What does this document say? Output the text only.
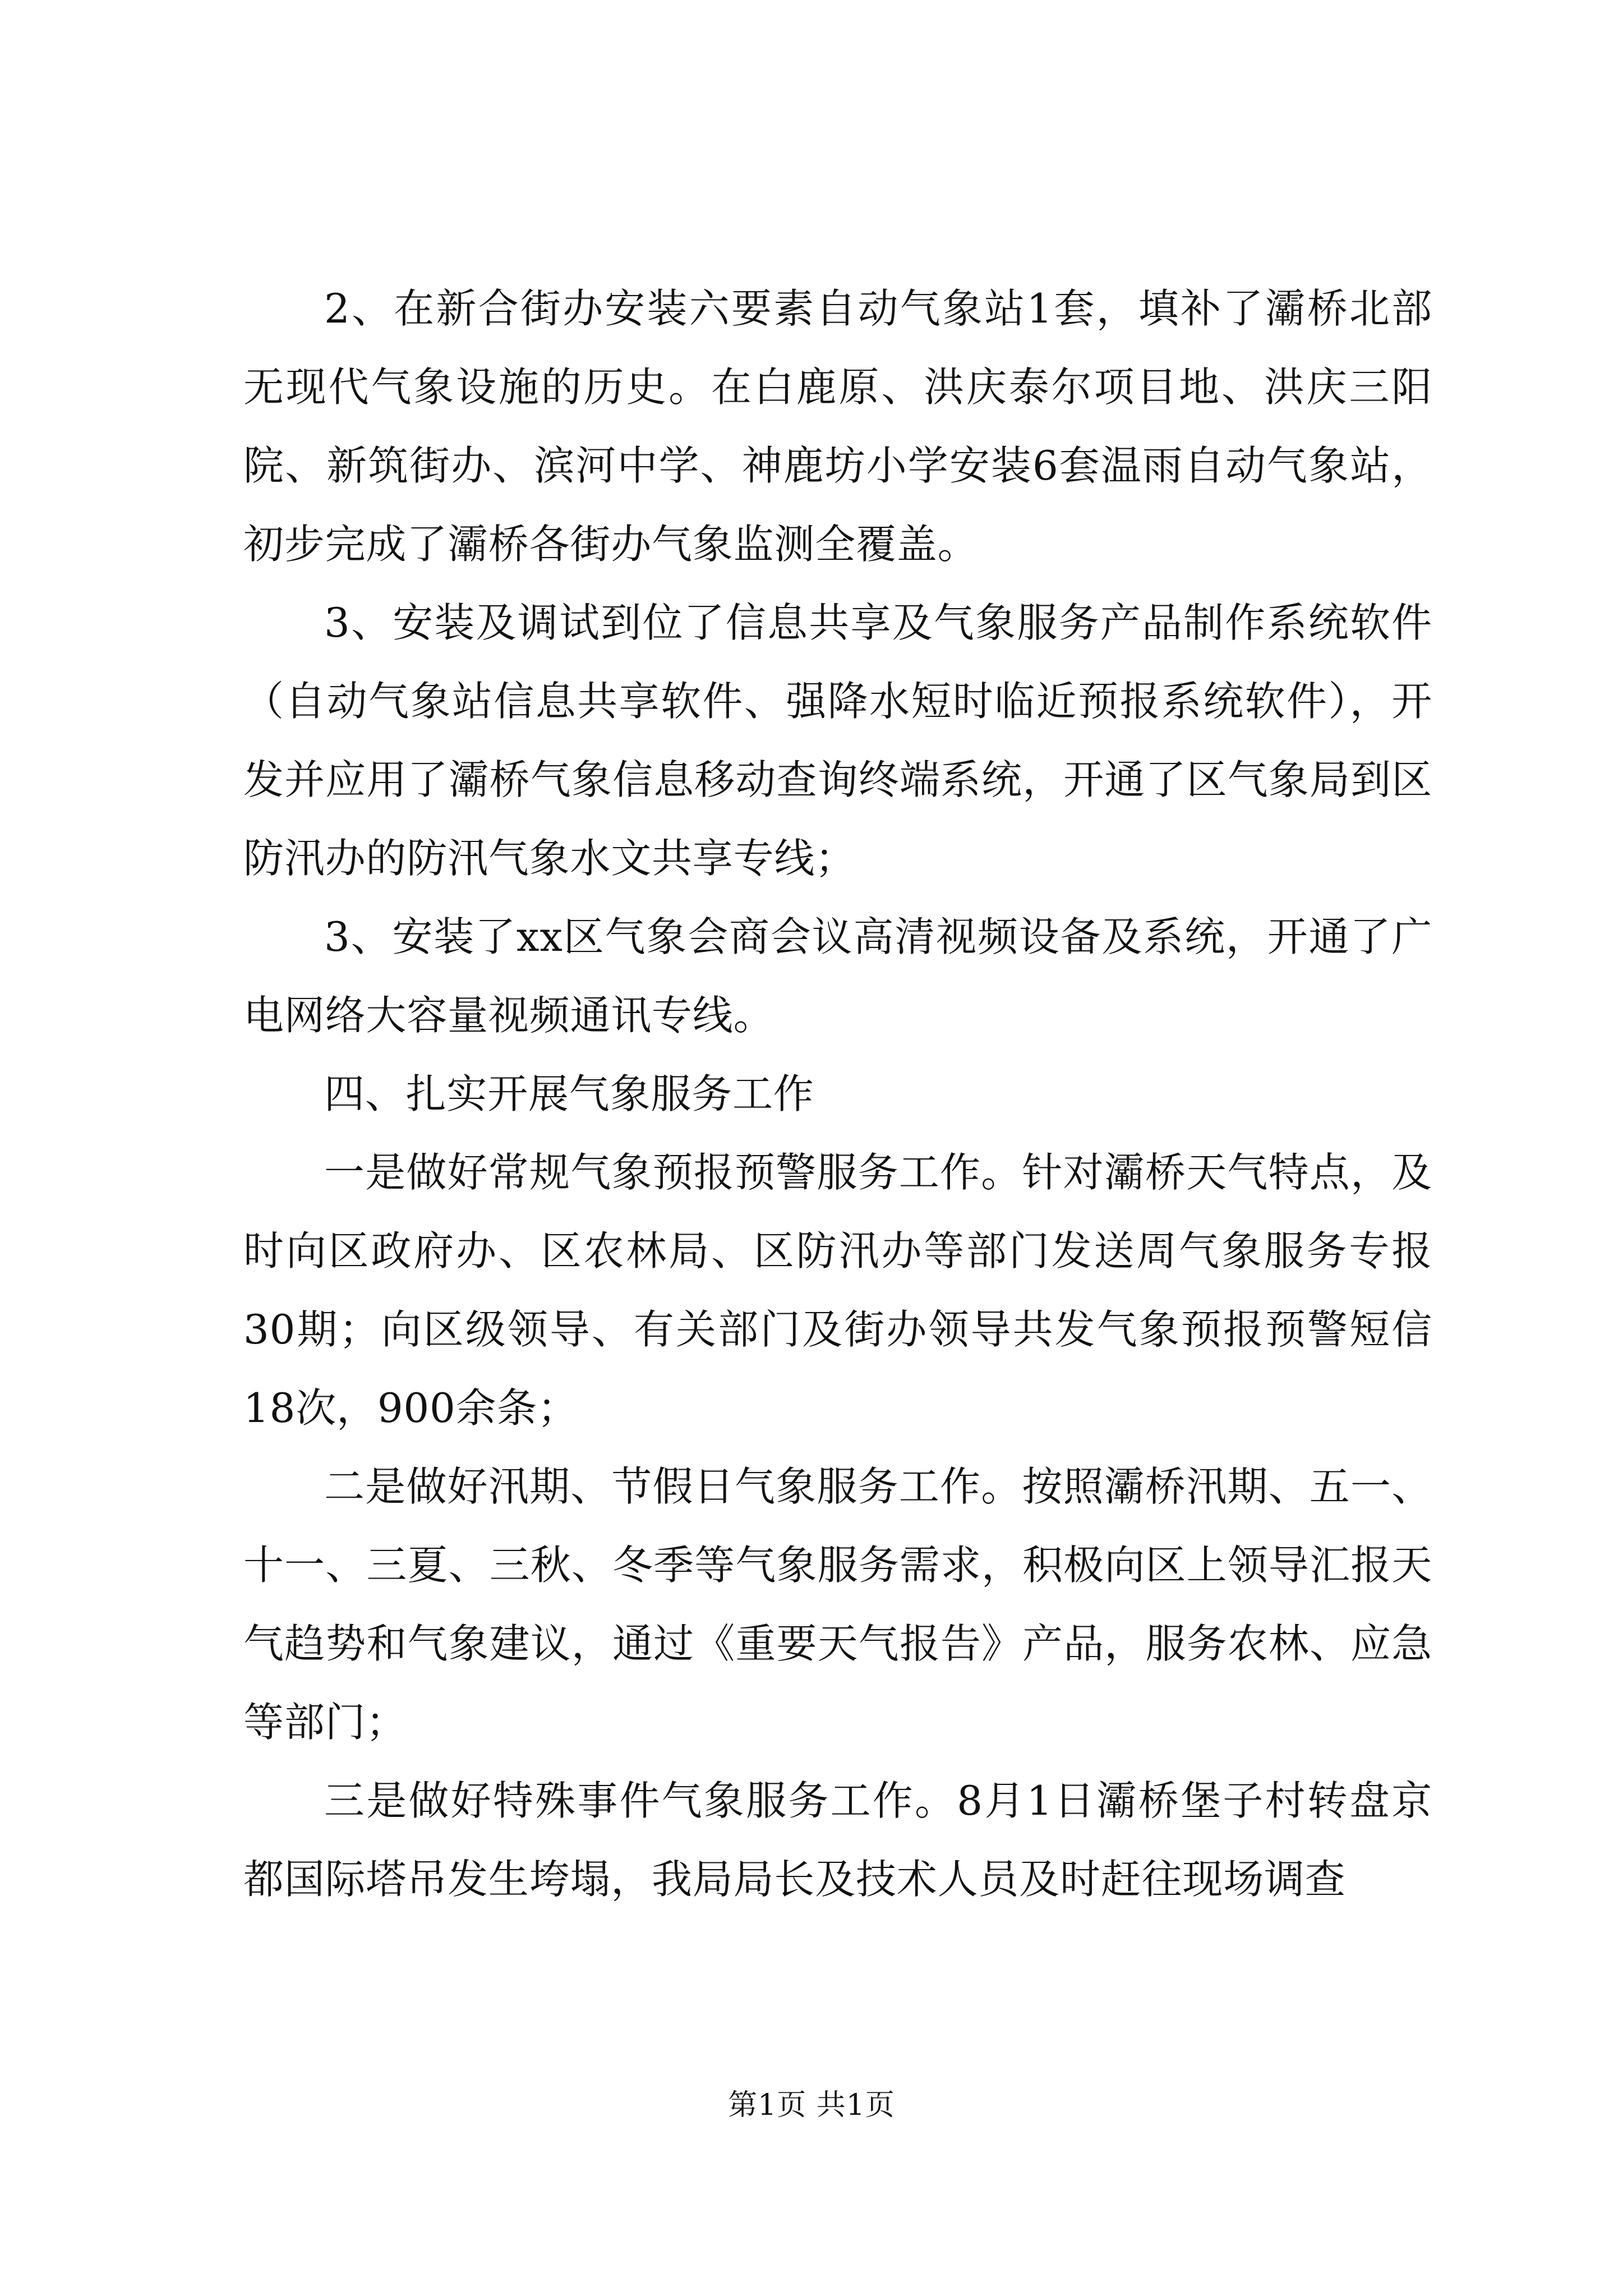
2、在新合街办安装六要素自动气象站1套，填补了灞桥北部无现代气象设施的历史。在白鹿原、洪庆泰尔项目地、洪庆三阳院、新筑街办、滨河中学、神鹿坊小学安装6套温雨自动气象站，初步完成了灞桥各街办气象监测全覆盖。

3、安装及调试到位了信息共享及气象服务产品制作系统软件（自动气象站信息共享软件、强降水短时临近预报系统软件），开发并应用了灞桥气象信息移动查询终端系统，开通了区气象局到区防汛办的防汛气象水文共享专线；

3、安装了xx区气象会商会议高清视频设备及系统，开通了广电网络大容量视频通讯专线。

四、扎实开展气象服务工作

一是做好常规气象预报预警服务工作。针对灞桥天气特点，及时向区政府办、区农林局、区防汛办等部门发送周气象服务专报30期；向区级领导、有关部门及街办领导共发气象预报预警短信18次，900余条；

二是做好汛期、节假日气象服务工作。按照灞桥汛期、五一、十一、三夏、三秋、冬季等气象服务需求，积极向区上领导汇报天气趋势和气象建议，通过《重要天气报告》产品，服务农林、应急等部门；

三是做好特殊事件气象服务工作。8月1日灞桥堡子村转盘京都国际塔吊发生垮塌，我局局长及技术人员及时赶往现场调查

第1页 共1页
